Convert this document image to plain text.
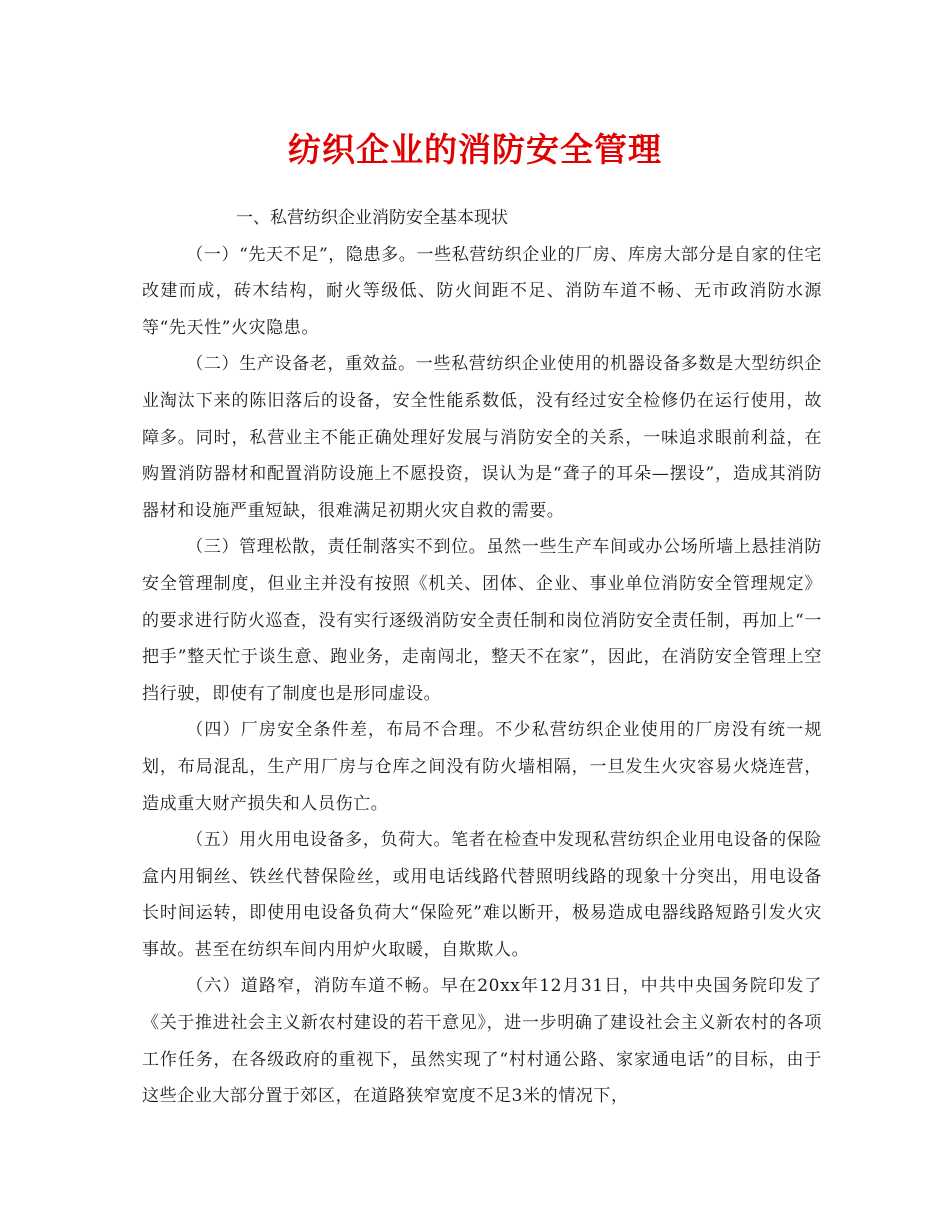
纺织企业的消防安全管理

一、私营纺织企业消防安全基本现状

（一）“先天不足”，隐患多。一些私营纺织企业的厂房、库房大部分是自家的住宅改建而成，砖木结构，耐火等级低、防火间距不足、消防车道不畅、无市政消防水源等“先天性”火灾隐患。

（二）生产设备老，重效益。一些私营纺织企业使用的机器设备多数是大型纺织企业淘汰下来的陈旧落后的设备，安全性能系数低，没有经过安全检修仍在运行使用，故障多。同时，私营业主不能正确处理好发展与消防安全的关系，一味追求眼前利益，在购置消防器材和配置消防设施上不愿投资，误认为是“聋子的耳朵—摆设”，造成其消防器材和设施严重短缺，很难满足初期火灾自救的需要。

（三）管理松散，责任制落实不到位。虽然一些生产车间或办公场所墙上悬挂消防安全管理制度，但业主并没有按照《机关、团体、企业、事业单位消防安全管理规定》的要求进行防火巡查，没有实行逐级消防安全责任制和岗位消防安全责任制，再加上“一把手”整天忙于谈生意、跑业务，走南闯北，整天不在家”，因此，在消防安全管理上空挡行驶，即使有了制度也是形同虚设。

（四）厂房安全条件差，布局不合理。不少私营纺织企业使用的厂房没有统一规划，布局混乱，生产用厂房与仓库之间没有防火墙相隔，一旦发生火灾容易火烧连营，造成重大财产损失和人员伤亡。

（五）用火用电设备多，负荷大。笔者在检查中发现私营纺织企业用电设备的保险盒内用铜丝、铁丝代替保险丝，或用电话线路代替照明线路的现象十分突出，用电设备长时间运转，即使用电设备负荷大“保险死”难以断开，极易造成电器线路短路引发火灾事故。甚至在纺织车间内用炉火取暖，自欺欺人。

（六）道路窄，消防车道不畅。早在20xx年12月31日，中共中央国务院印发了《关于推进社会主义新农村建设的若干意见》，进一步明确了建设社会主义新农村的各项工作任务，在各级政府的重视下，虽然实现了“村村通公路、家家通电话”的目标，由于这些企业大部分置于郊区，在道路狭窄宽度不足3米的情况下，
